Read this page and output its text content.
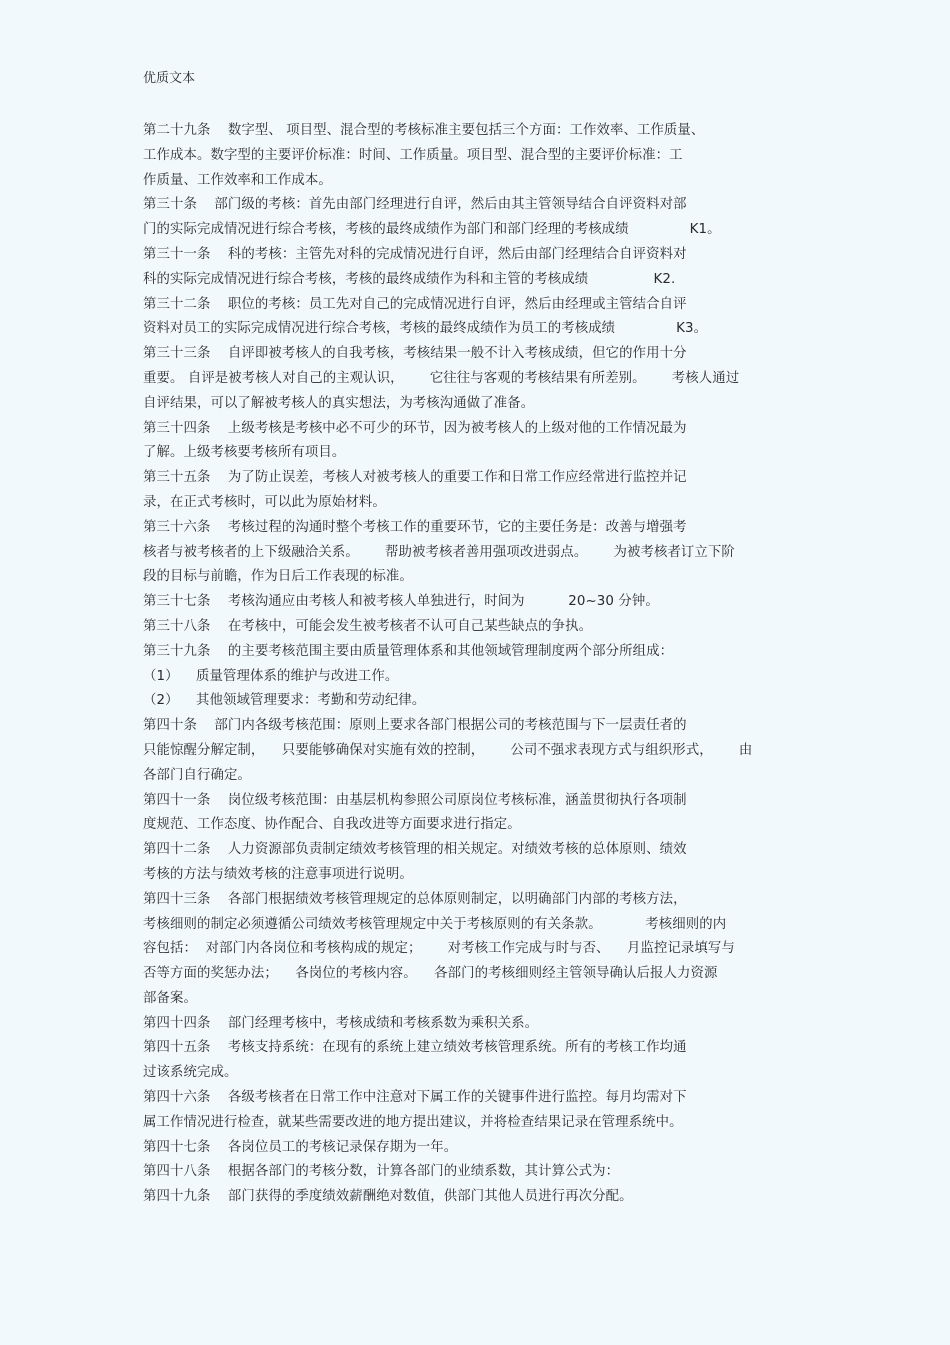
优质文本
第二十九条    数字型、 项目型、混合型的考核标准主要包括三个方面：工作效率、工作质量、
工作成本。数字型的主要评价标准：时间、工作质量。项目型、混合型的主要评价标准：工
作质量、工作效率和工作成本。
第三十条    部门级的考核：首先由部门经理进行自评，然后由其主管领导结合自评资料对部
门的实际完成情况进行综合考核，考核的最终成绩作为部门和部门经理的考核成绩              K1。
第三十一条    科的考核：主管先对科的完成情况进行自评，然后由部门经理结合自评资料对
科的实际完成情况进行综合考核，考核的最终成绩作为科和主管的考核成绩               K2.
第三十二条    职位的考核：员工先对自己的完成情况进行自评，然后由经理或主管结合自评
资料对员工的实际完成情况进行综合考核，考核的最终成绩作为员工的考核成绩              K3。
第三十三条    自评即被考核人的自我考核，考核结果一般不计入考核成绩，但它的作用十分
重要。 自评是被考核人对自己的主观认识，      它往往与客观的考核结果有所差别。      考核人通过
自评结果，可以了解被考核人的真实想法，为考核沟通做了准备。
第三十四条    上级考核是考核中必不可少的环节，因为被考核人的上级对他的工作情况最为
了解。上级考核要考核所有项目。
第三十五条    为了防止误差，考核人对被考核人的重要工作和日常工作应经常进行监控并记
录，在正式考核时，可以此为原始材料。
第三十六条    考核过程的沟通时整个考核工作的重要环节，它的主要任务是：改善与增强考
核者与被考核者的上下级融洽关系。      帮助被考核者善用强项改进弱点。      为被考核者订立下阶
段的目标与前瞻，作为日后工作表现的标准。
第三十七条    考核沟通应由考核人和被考核人单独进行，时间为          20~30 分钟。
第三十八条    在考核中，可能会发生被考核者不认可自己某些缺点的争执。
第三十九条    的主要考核范围主要由质量管理体系和其他领域管理制度两个部分所组成：
（1）    质量管理体系的维护与改进工作。
（2）    其他领域管理要求：考勤和劳动纪律。
第四十条    部门内各级考核范围：原则上要求各部门根据公司的考核范围与下一层责任者的
只能惊醒分解定制，    只要能够确保对实施有效的控制，      公司不强求表现方式与组织形式，      由
各部门自行确定。
第四十一条    岗位级考核范围：由基层机构参照公司原岗位考核标准，涵盖贯彻执行各项制
度规范、工作态度、协作配合、自我改进等方面要求进行指定。
第四十二条    人力资源部负责制定绩效考核管理的相关规定。对绩效考核的总体原则、绩效
考核的方法与绩效考核的注意事项进行说明。
第四十三条    各部门根据绩效考核管理规定的总体原则制定，以明确部门内部的考核方法，
考核细则的制定必须遵循公司绩效考核管理规定中关于考核原则的有关条款。          考核细则的内
容包括：  对部门内各岗位和考核构成的规定；      对考核工作完成与时与否、    月监控记录填写与
否等方面的奖惩办法；    各岗位的考核内容。    各部门的考核细则经主管领导确认后报人力资源
部备案。
第四十四条    部门经理考核中，考核成绩和考核系数为乘积关系。
第四十五条    考核支持系统：在现有的系统上建立绩效考核管理系统。所有的考核工作均通
过该系统完成。
第四十六条    各级考核者在日常工作中注意对下属工作的关键事件进行监控。每月均需对下
属工作情况进行检查，就某些需要改进的地方提出建议，并将检查结果记录在管理系统中。
第四十七条    各岗位员工的考核记录保存期为一年。
第四十八条    根据各部门的考核分数，计算各部门的业绩系数，其计算公式为：
第四十九条    部门获得的季度绩效薪酬绝对数值，供部门其他人员进行再次分配。
